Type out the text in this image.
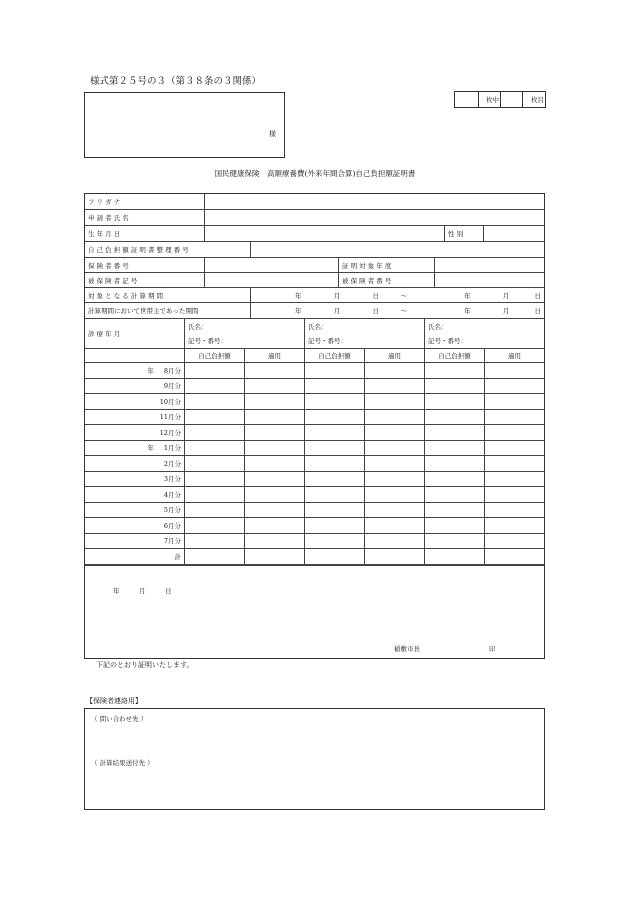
様式第２５号の３（第３８条の３関係）
様
枚中	枚目
国民健康保険　高額療養費(外来年間合算)自己負担額証明書
フ リ ガ ナ
申 請 者 氏 名
生 年 月 日	性 別
自 己 負 担 額 証 明 書 整 理 番 号
保 険 者 番 号	証 明 対 象 年 度
被 保 険 者 記 号	被 保 険 者 番 号
対 象 と な る 計 算 期 間	年	月	日	～	年	月	日
計算期間において世帯主であった期間	年	月	日	～	年	月	日
診 療 年 月
氏名：	氏名：	氏名：
記号・番号：	記号・番号：	記号・番号：
自己負担額	適用	自己負担額	適用	自己負担額	適用
年 8月分
9月分
10月分
11月分
12月分
年 1月分
2月分
3月分
4月分
5月分
6月分
7月分
計
年　　　	月　　　	日
稲敷市長	印
下記のとおり証明いたします。
【保険者連絡用】
（ 問い合わせ先 ）
（ 計算結果送付先 ）
